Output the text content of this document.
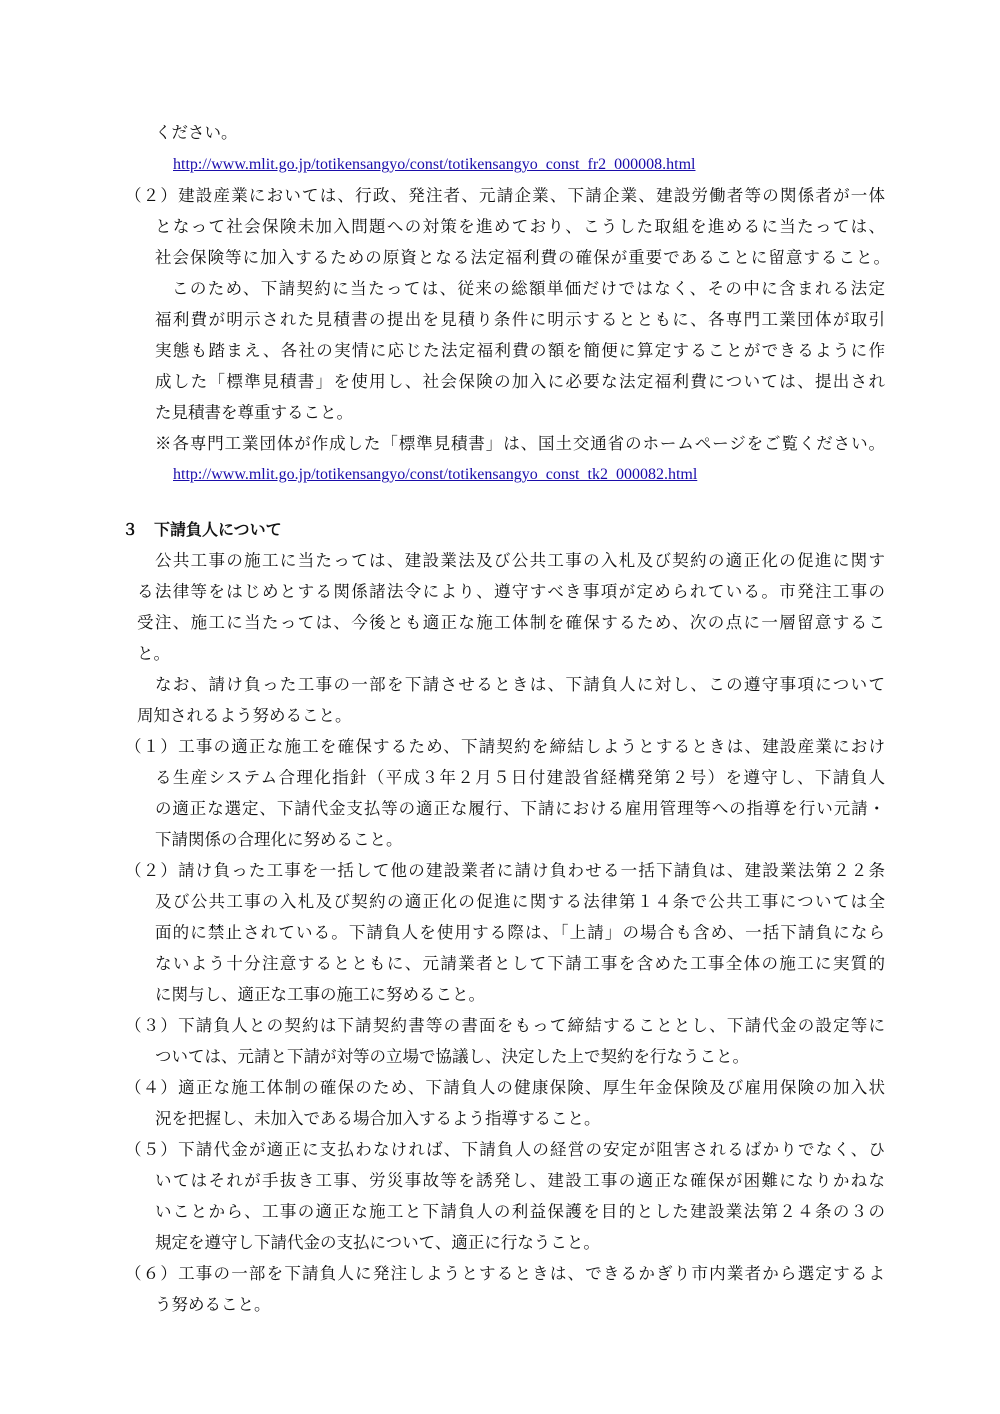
ください。
http://www.mlit.go.jp/totikensangyo/const/totikensangyo_const_fr2_000008.html
（２）建設産業においては、行政、発注者、元請企業、下請企業、建設労働者等の関係者が一体
となって社会保険未加入問題への対策を進めており、こうした取組を進めるに当たっては、
社会保険等に加入するための原資となる法定福利費の確保が重要であることに留意すること。
このため、下請契約に当たっては、従来の総額単価だけではなく、その中に含まれる法定
福利費が明示された見積書の提出を見積り条件に明示するとともに、各専門工業団体が取引
実態も踏まえ、各社の実情に応じた法定福利費の額を簡便に算定することができるように作
成した「標準見積書」を使用し、社会保険の加入に必要な法定福利費については、提出され
た見積書を尊重すること。
※各専門工業団体が作成した「標準見積書」は、国土交通省のホームページをご覧ください。
http://www.mlit.go.jp/totikensangyo/const/totikensangyo_const_tk2_000082.html
３　下請負人について
公共工事の施工に当たっては、建設業法及び公共工事の入札及び契約の適正化の促進に関す
る法律等をはじめとする関係諸法令により、遵守すべき事項が定められている。市発注工事の
受注、施工に当たっては、今後とも適正な施工体制を確保するため、次の点に一層留意するこ
と。
なお、請け負った工事の一部を下請させるときは、下請負人に対し、この遵守事項について
周知されるよう努めること。
（１）工事の適正な施工を確保するため、下請契約を締結しようとするときは、建設産業におけ
る生産システム合理化指針（平成３年２月５日付建設省経構発第２号）を遵守し、下請負人
の適正な選定、下請代金支払等の適正な履行、下請における雇用管理等への指導を行い元請・
下請関係の合理化に努めること。
（２）請け負った工事を一括して他の建設業者に請け負わせる一括下請負は、建設業法第２２条
及び公共工事の入札及び契約の適正化の促進に関する法律第１４条で公共工事については全
面的に禁止されている。下請負人を使用する際は、「上請」の場合も含め、一括下請負になら
ないよう十分注意するとともに、元請業者として下請工事を含めた工事全体の施工に実質的
に関与し、適正な工事の施工に努めること。
（３）下請負人との契約は下請契約書等の書面をもって締結することとし、下請代金の設定等に
ついては、元請と下請が対等の立場で協議し、決定した上で契約を行なうこと。
（４）適正な施工体制の確保のため、下請負人の健康保険、厚生年金保険及び雇用保険の加入状
況を把握し、未加入である場合加入するよう指導すること。
（５）下請代金が適正に支払わなければ、下請負人の経営の安定が阻害されるばかりでなく、ひ
いてはそれが手抜き工事、労災事故等を誘発し、建設工事の適正な確保が困難になりかねな
いことから、工事の適正な施工と下請負人の利益保護を目的とした建設業法第２４条の３の
規定を遵守し下請代金の支払について、適正に行なうこと。
（６）工事の一部を下請負人に発注しようとするときは、できるかぎり市内業者から選定するよ
う努めること。
